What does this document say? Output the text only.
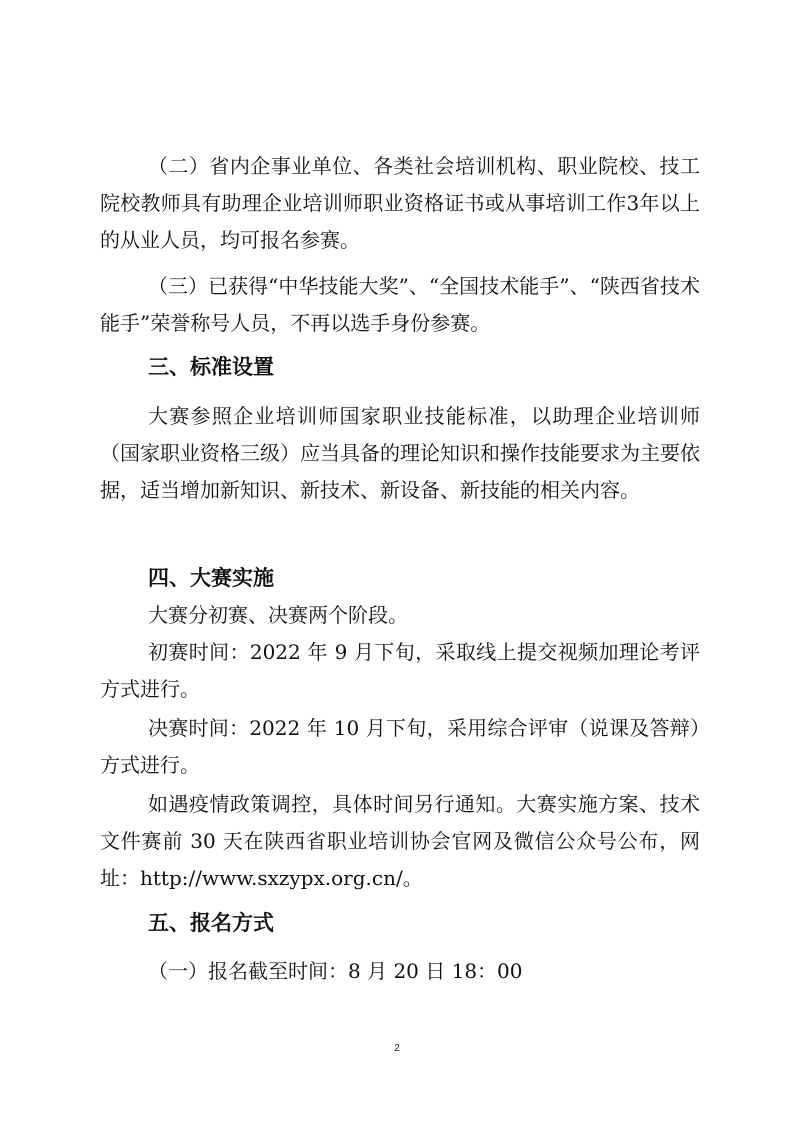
（二）省内企事业单位、各类社会培训机构、职业院校、技工院校教师具有助理企业培训师职业资格证书或从事培训工作3年以上的从业人员，均可报名参赛。

（三）已获得“中华技能大奖”、“全国技术能手”、“陕西省技术能手”荣誉称号人员，不再以选手身份参赛。

三、标准设置

大赛参照企业培训师国家职业技能标准，以助理企业培训师（国家职业资格三级）应当具备的理论知识和操作技能要求为主要依据，适当增加新知识、新技术、新设备、新技能的相关内容。

四、大赛实施

大赛分初赛、决赛两个阶段。

初赛时间：2022 年 9 月下旬，采取线上提交视频加理论考评方式进行。

决赛时间：2022 年 10 月下旬，采用综合评审（说课及答辩）方式进行。

如遇疫情政策调控，具体时间另行通知。大赛实施方案、技术文件赛前 30 天在陕西省职业培训协会官网及微信公众号公布，网址：http://www.sxzypx.org.cn/。

五、报名方式

（一）报名截至时间：8 月 20 日 18：00

2
